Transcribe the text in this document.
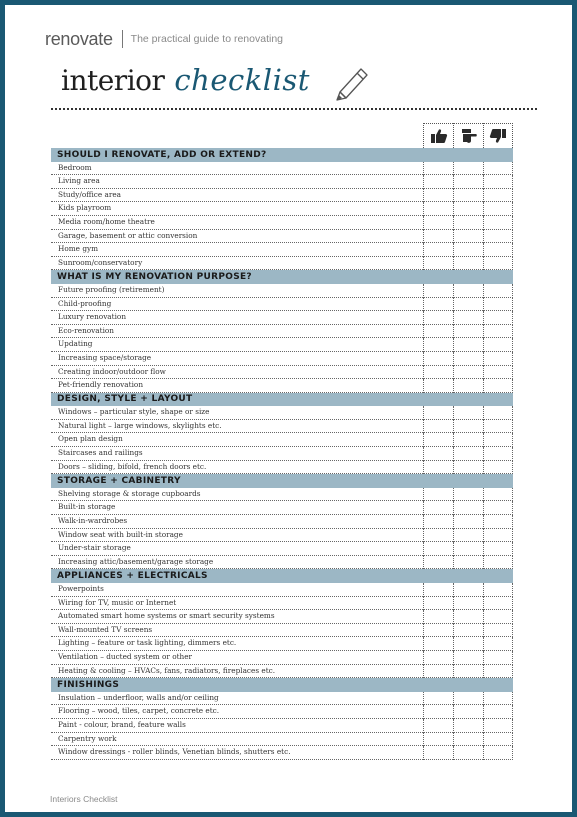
renovate The practical guide to renovating
interior checklist
SHOULD I RENOVATE, ADD OR EXTEND?
Bedroom
Living area
Study/office area
Kids playroom
Media room/home theatre
Garage, basement or attic conversion
Home gym
Sunroom/conservatory
WHAT IS MY RENOVATION PURPOSE?
Future proofing (retirement)
Child-proofing
Luxury renovation
Eco-renovation
Updating
Increasing space/storage
Creating indoor/outdoor flow
Pet-friendly renovation
DESIGN, STYLE + LAYOUT
Windows – particular style, shape or size
Natural light – large windows, skylights etc.
Open plan design
Staircases and railings
Doors – sliding, bifold, french doors etc.
STORAGE + CABINETRY
Shelving storage & storage cupboards
Built-in storage
Walk-in-wardrobes
Window seat with built-in storage
Under-stair storage
Increasing attic/basement/garage storage
APPLIANCES + ELECTRICALS
Powerpoints
Wiring for TV, music or Internet
Automated smart home systems or smart security systems
Wall-mounted TV screens
Lighting – feature or task lighting, dimmers etc.
Ventilation – ducted system or other
Heating & cooling – HVACs, fans, radiators, fireplaces etc.
FINISHINGS
Insulation – underfloor, walls and/or ceiling
Flooring – wood, tiles, carpet, concrete etc.
Paint - colour, brand, feature walls
Carpentry work
Window dressings - roller blinds, Venetian blinds, shutters etc.
Interiors Checklist
